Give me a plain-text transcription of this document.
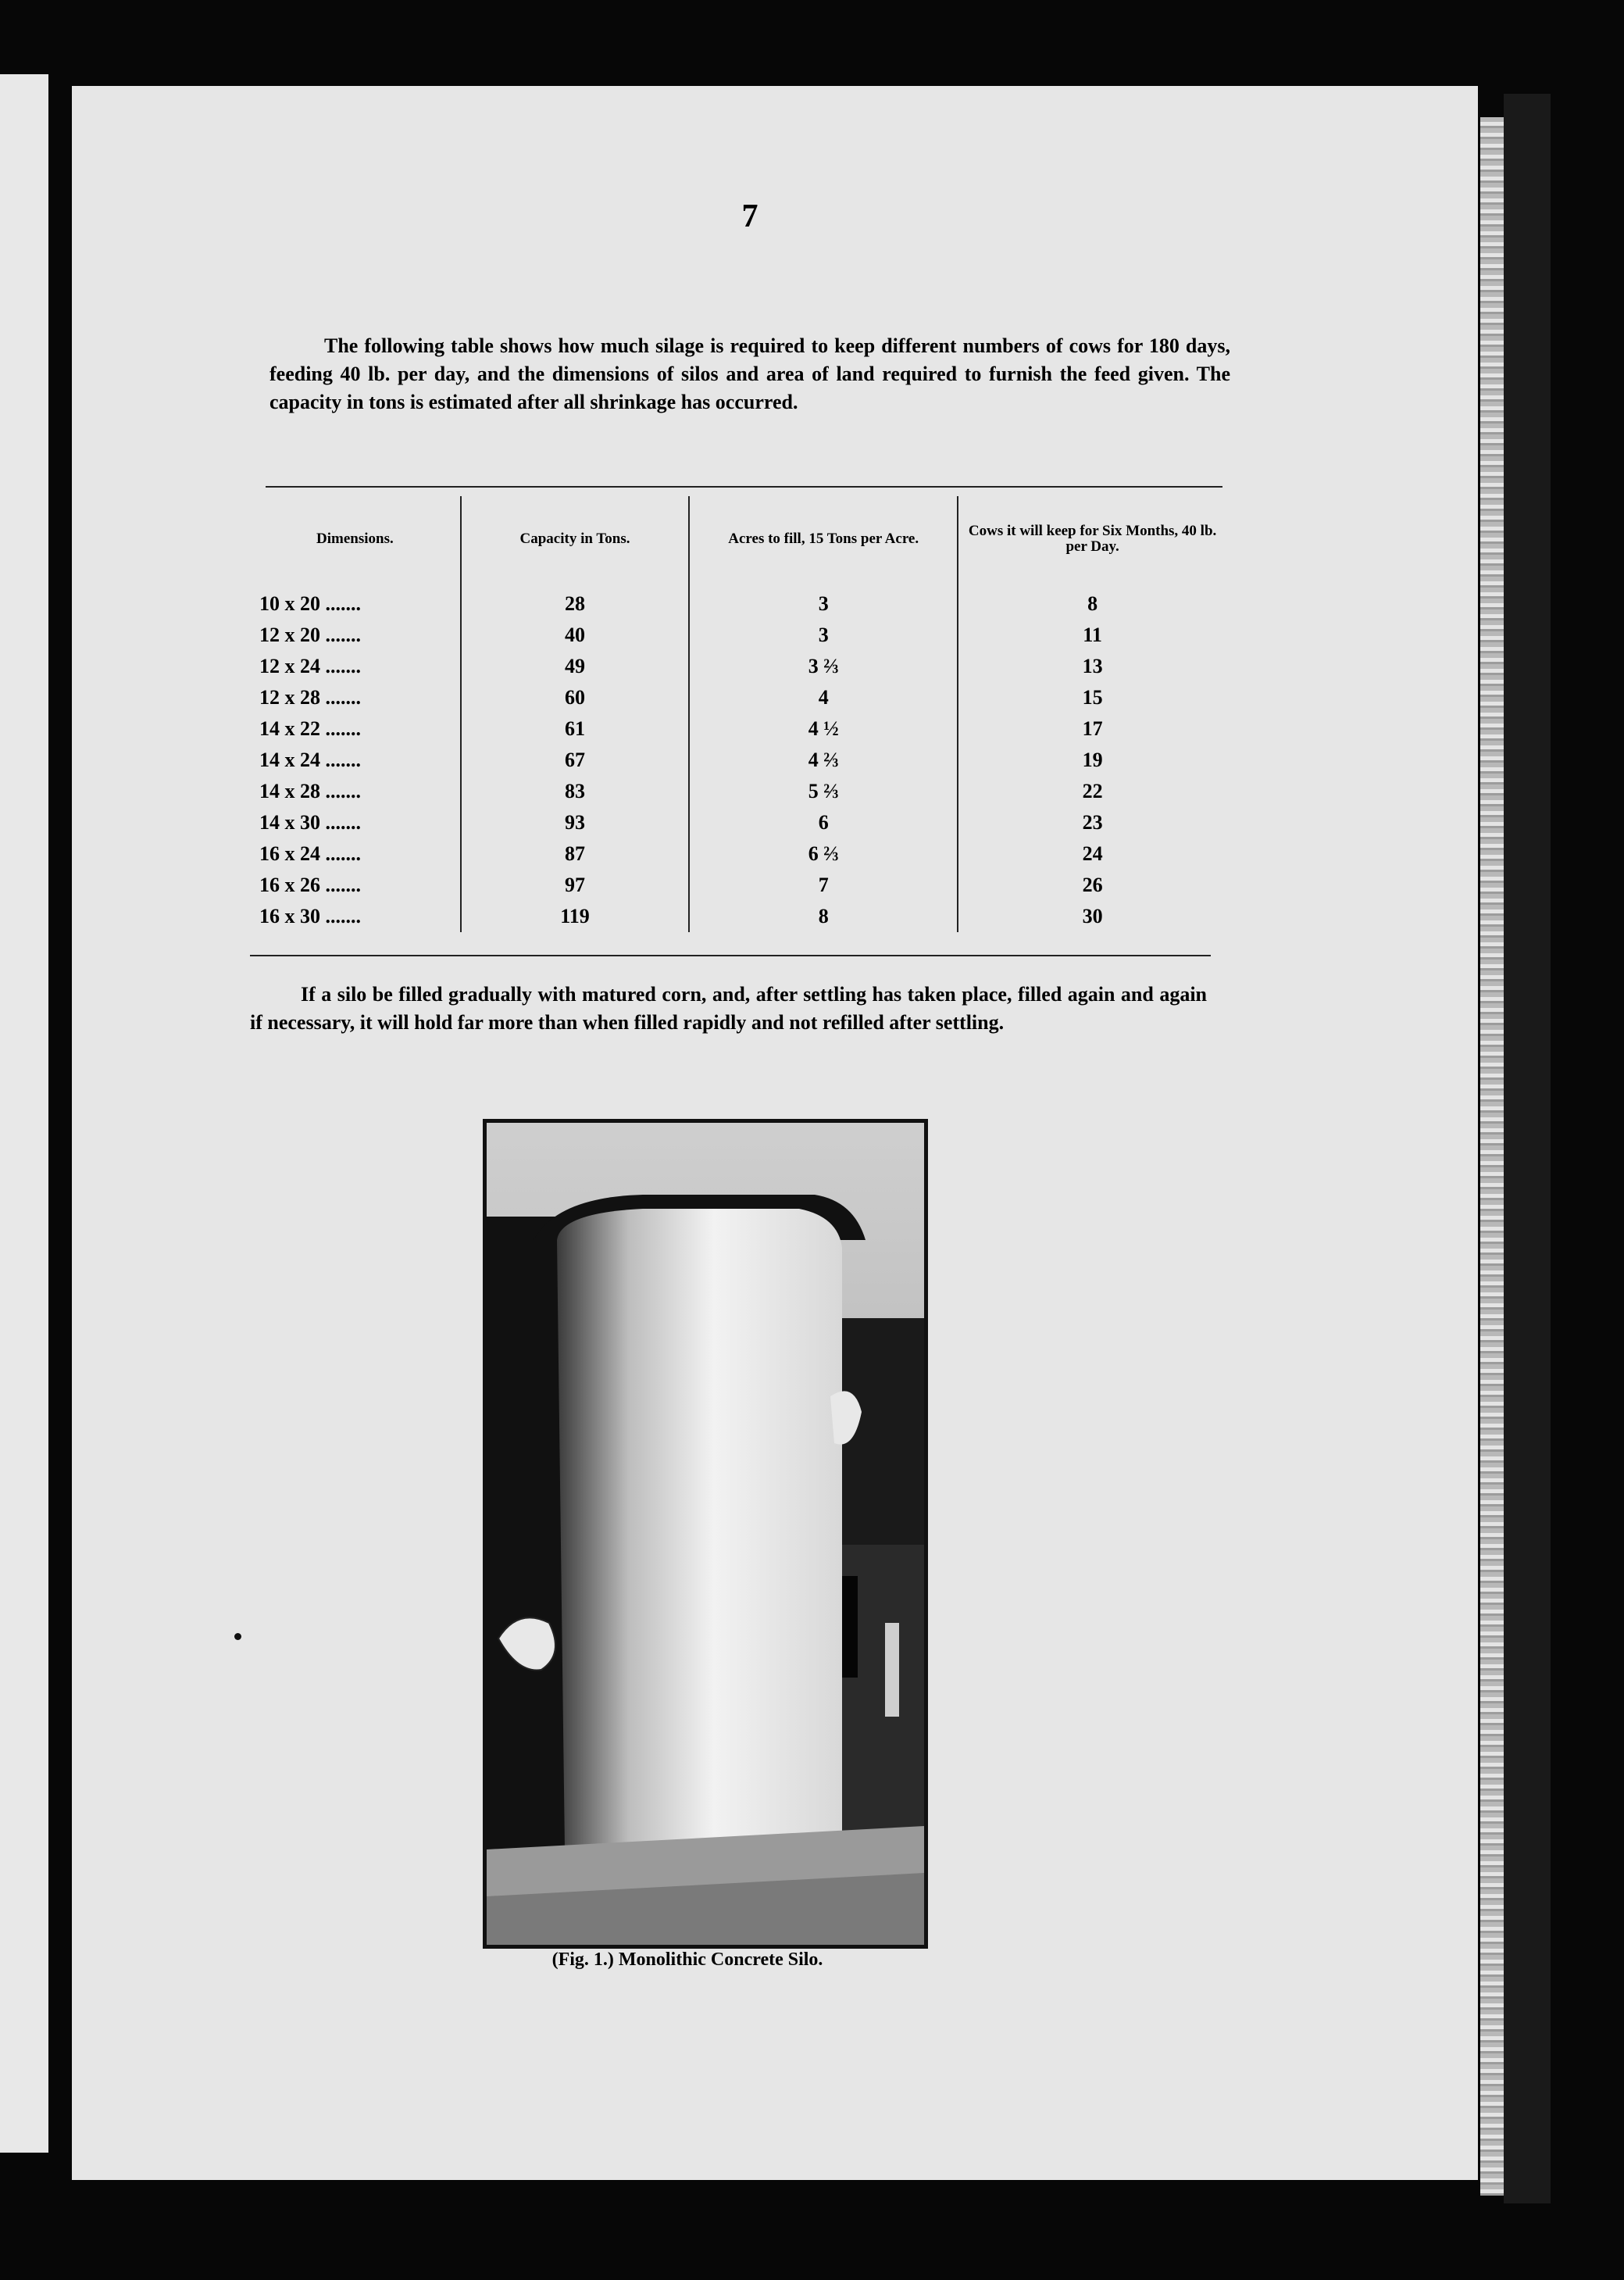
7

The following table shows how much silage is required to keep different numbers of cows for 180 days, feeding 40 lb. per day, and the dimensions of silos and area of land required to furnish the feed given. The capacity in tons is estimated after all shrinkage has occurred.

Dimensions.	Capacity in Tons.	Acres to fill, 15 Tons per Acre.	Cows it will keep for Six Months, 40 lb. per Day.
10 x 20 .......	28	3	8
12 x 20 .......	40	3	11
12 x 24 .......	49	3 ⅔	13
12 x 28 .......	60	4	15
14 x 22 .......	61	4 ½	17
14 x 24 .......	67	4 ⅔	19
14 x 28 .......	83	5 ⅔	22
14 x 30 .......	93	6	23
16 x 24 .......	87	6 ⅔	24
16 x 26 .......	97	7	26
16 x 30 .......	119	8	30

If a silo be filled gradually with matured corn, and, after settling has taken place, filled again and again if necessary, it will hold far more than when filled rapidly and not refilled after settling.

(Fig. 1.) Monolithic Concrete Silo.
